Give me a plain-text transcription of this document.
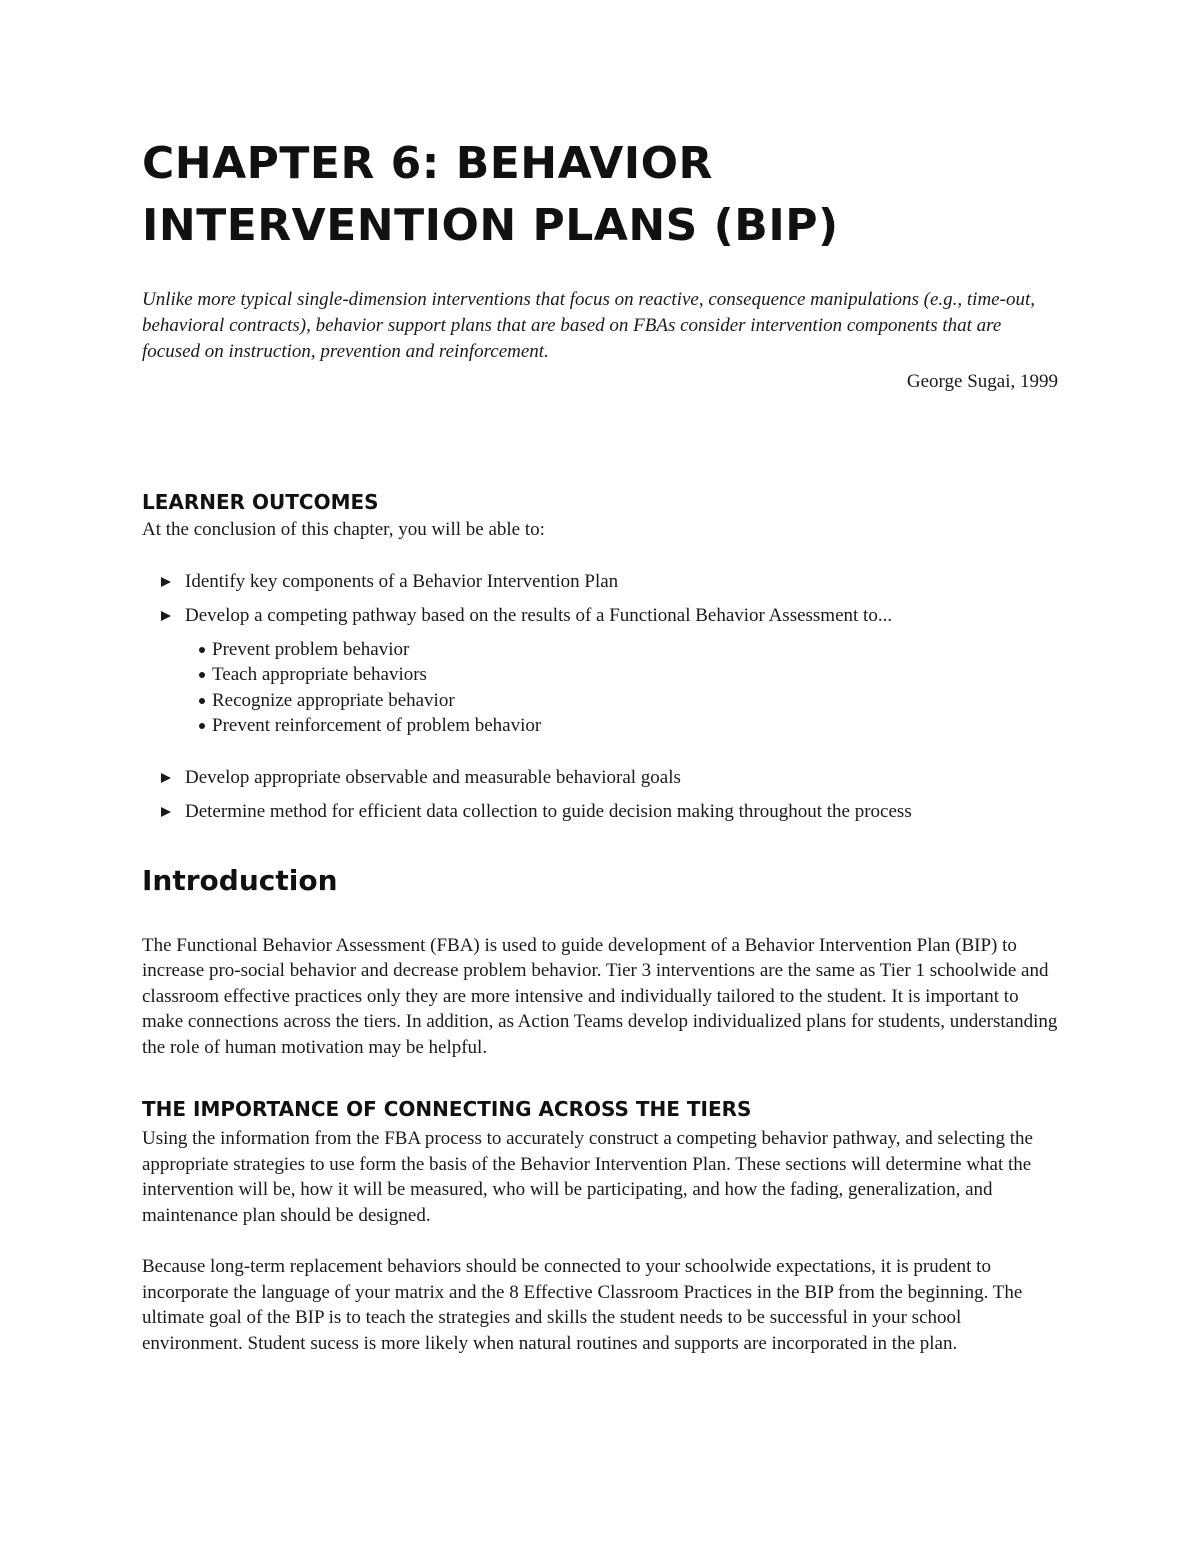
CHAPTER 6: BEHAVIOR
INTERVENTION PLANS (BIP)
Unlike more typical single-dimension interventions that focus on reactive, consequence manipulations (e.g., time-out, behavioral contracts), behavior support plans that are based on FBAs consider intervention components that are focused on instruction, prevention and reinforcement.
George Sugai, 1999
LEARNER OUTCOMES

At the conclusion of this chapter, you will be able to:

Identify key components of a Behavior Intervention Plan
Develop a competing pathway based on the results of a Functional Behavior Assessment to...
Prevent problem behavior
Teach appropriate behaviors
Recognize appropriate behavior
Prevent reinforcement of problem behavior
Develop appropriate observable and measurable behavioral goals
Determine method for efficient data collection to guide decision making throughout the process
Introduction

The Functional Behavior Assessment (FBA) is used to guide development of a Behavior Intervention Plan (BIP) to increase pro-social behavior and decrease problem behavior. Tier 3 interventions are the same as Tier 1 schoolwide and classroom effective practices only they are more intensive and individually tailored to the student. It is important to make connections across the tiers. In addition, as Action Teams develop individualized plans for students, understanding the role of human motivation may be helpful.

THE IMPORTANCE OF CONNECTING ACROSS THE TIERS

Using the information from the FBA process to accurately construct a competing behavior pathway, and selecting the appropriate strategies to use form the basis of the Behavior Intervention Plan. These sections will determine what the intervention will be, how it will be measured, who will be participating, and how the fading, generalization, and maintenance plan should be designed.

Because long-term replacement behaviors should be connected to your schoolwide expectations, it is prudent to incorporate the language of your matrix and the 8 Effective Classroom Practices in the BIP from the beginning. The ultimate goal of the BIP is to teach the strategies and skills the student needs to be successful in your school environment. Student sucess is more likely when natural routines and supports are incorporated in the plan.
